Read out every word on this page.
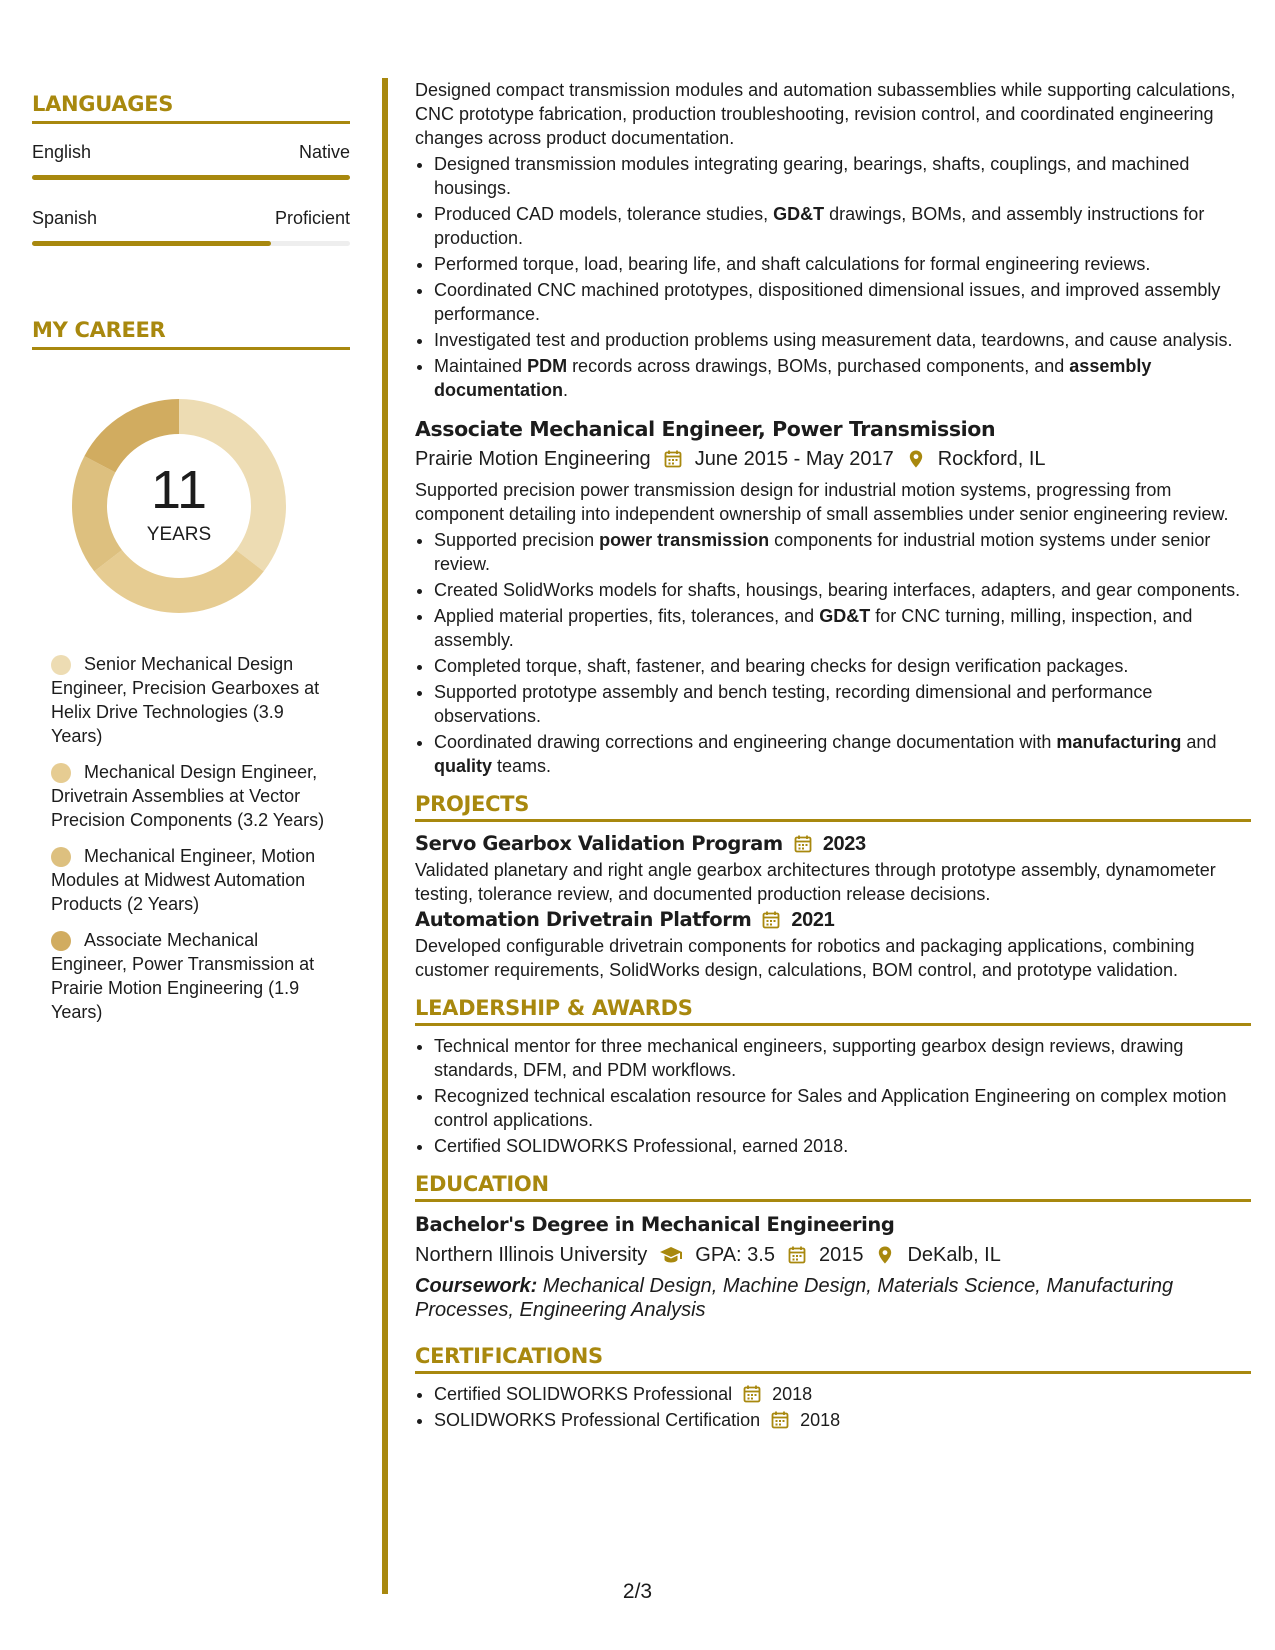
LANGUAGES
English	Native
Spanish	Proficient
MY CAREER
11
YEARS
Senior Mechanical Design Engineer, Precision Gearboxes at Helix Drive Technologies (3.9 Years)
Mechanical Design Engineer, Drivetrain Assemblies at Vector Precision Components (3.2 Years)
Mechanical Engineer, Motion Modules at Midwest Automation Products (2 Years)
Associate Mechanical Engineer, Power Transmission at Prairie Motion Engineering (1.9 Years)

Designed compact transmission modules and automation subassemblies while supporting calculations, CNC prototype fabrication, production troubleshooting, revision control, and coordinated engineering changes across product documentation.

• Designed transmission modules integrating gearing, bearings, shafts, couplings, and machined housings.
• Produced CAD models, tolerance studies, GD&T drawings, BOMs, and assembly instructions for production.
• Performed torque, load, bearing life, and shaft calculations for formal engineering reviews.
• Coordinated CNC machined prototypes, dispositioned dimensional issues, and improved assembly performance.
• Investigated test and production problems using measurement data, teardowns, and cause analysis.
• Maintained PDM records across drawings, BOMs, purchased components, and assembly documentation.
Associate Mechanical Engineer, Power Transmission
Prairie Motion Engineering June 2015 - May 2017 Rockford, IL

Supported precision power transmission design for industrial motion systems, progressing from component detailing into independent ownership of small assemblies under senior engineering review.

• Supported precision power transmission components for industrial motion systems under senior review.
• Created SolidWorks models for shafts, housings, bearing interfaces, adapters, and gear components.
• Applied material properties, fits, tolerances, and GD&T for CNC turning, milling, inspection, and assembly.
• Completed torque, shaft, fastener, and bearing checks for design verification packages.
• Supported prototype assembly and bench testing, recording dimensional and performance observations.
• Coordinated drawing corrections and engineering change documentation with manufacturing and quality teams.
PROJECTS
Servo Gearbox Validation Program 2023

Validated planetary and right angle gearbox architectures through prototype assembly, dynamometer testing, tolerance review, and documented production release decisions.

Automation Drivetrain Platform 2021

Developed configurable drivetrain components for robotics and packaging applications, combining customer requirements, SolidWorks design, calculations, BOM control, and prototype validation.

LEADERSHIP & AWARDS
• Technical mentor for three mechanical engineers, supporting gearbox design reviews, drawing standards, DFM, and PDM workflows.
• Recognized technical escalation resource for Sales and Application Engineering on complex motion control applications.
• Certified SOLIDWORKS Professional, earned 2018.
EDUCATION
Bachelor's Degree in Mechanical Engineering
Northern Illinois University GPA: 3.5 2015 DeKalb, IL

Coursework: Mechanical Design, Machine Design, Materials Science, Manufacturing Processes, Engineering Analysis

CERTIFICATIONS
• Certified SOLIDWORKS Professional 2018
• SOLIDWORKS Professional Certification 2018
2/3
